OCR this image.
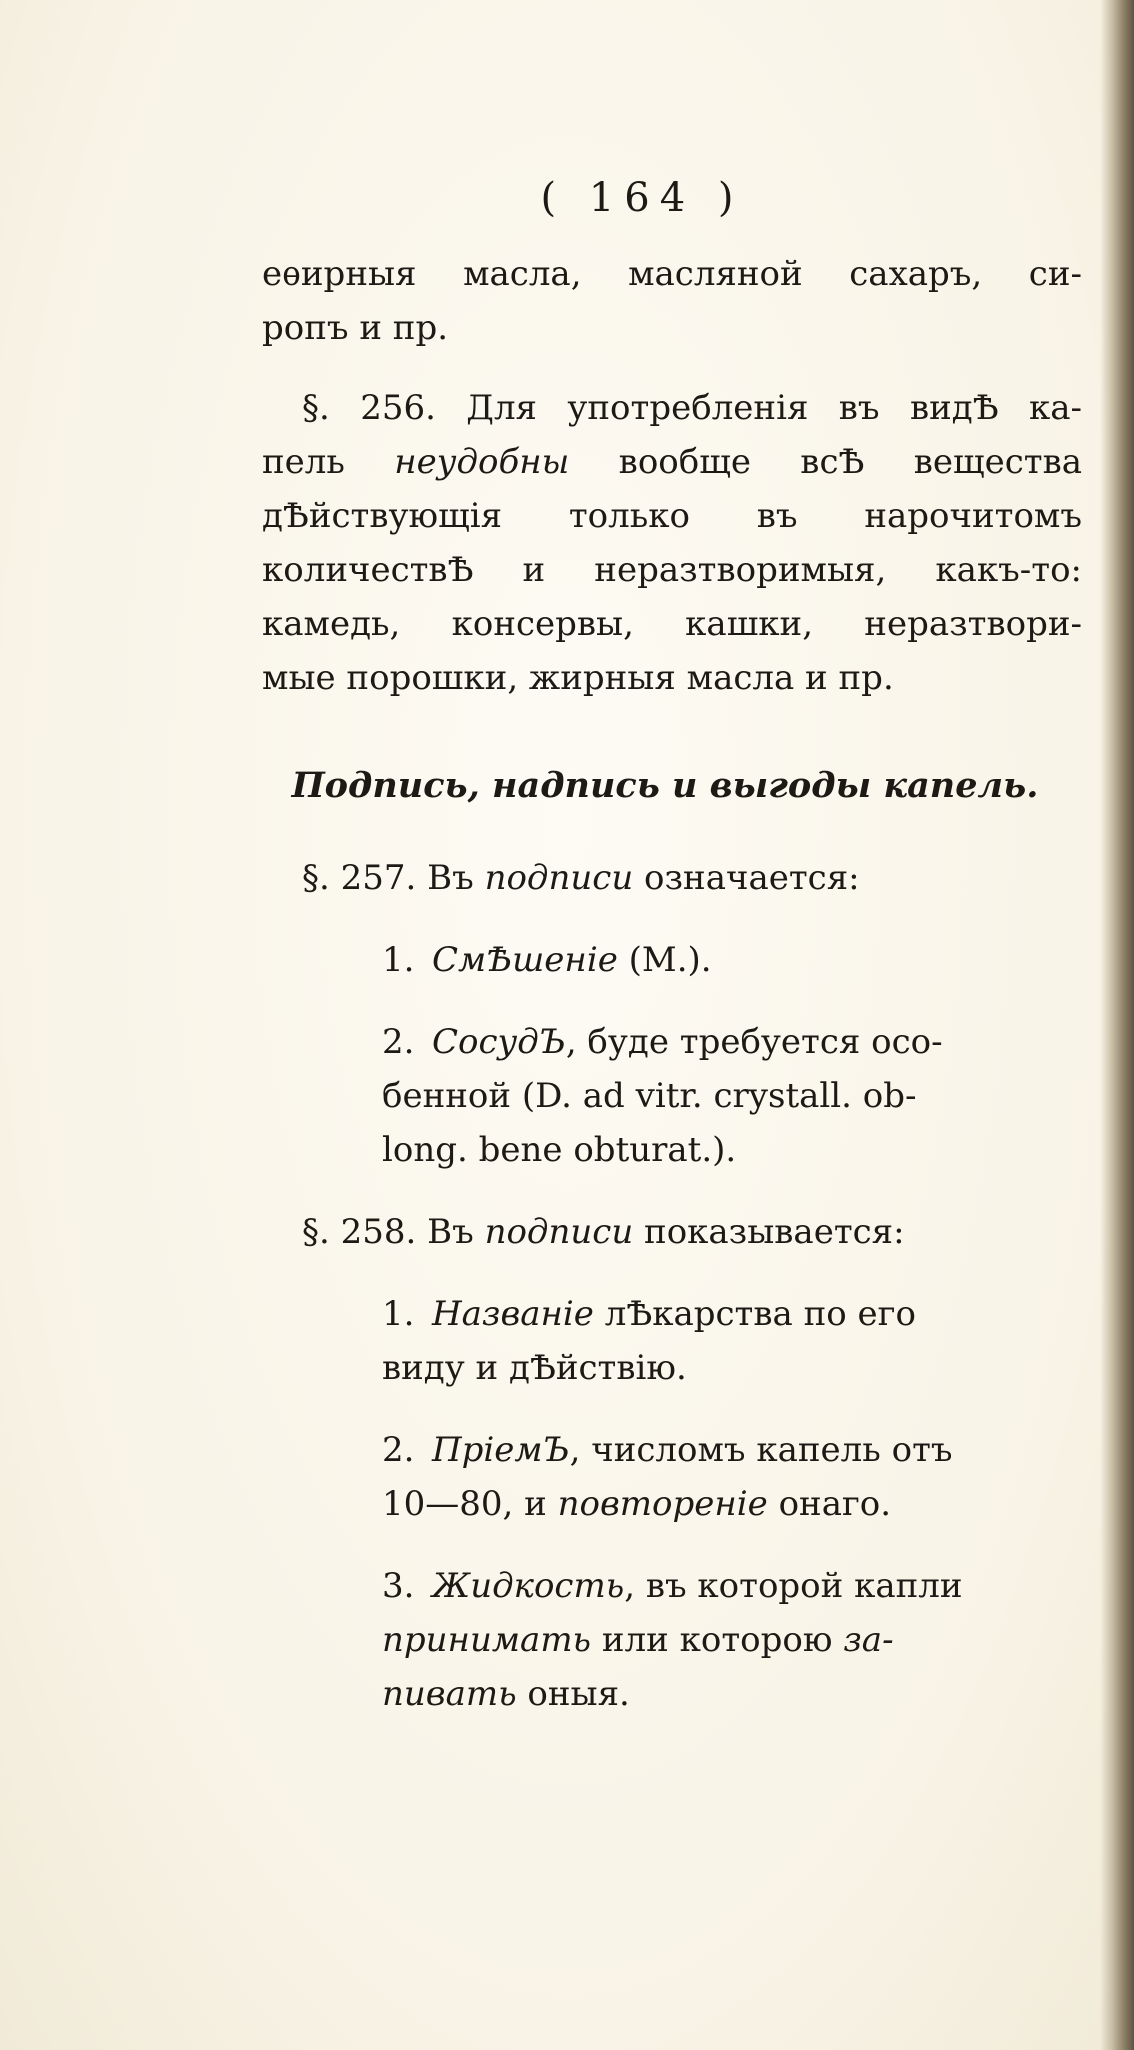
( 164 )
еѳирныя масла, масляной сахаръ, си-
ропъ и пр.
§. 256. Для употребленія въ видѢ ка-
пель неудобны вообще всѢ вещества
дѢйствующія только въ нарочитомъ
количествѢ и неразтворимыя, какъ-то:
камедь, консервы, кашки, неразтвори-
мые порошки, жирныя масла и пр.
Подпись, надпись и выгоды капель.
§. 257. Въ подписи означается:
1. СмѢшеніе (M.).
2. СосудЪ, буде требуется осо-
бенной (D. ad vitr. crystall. ob-
long. bene obturat.).
§. 258. Въ подписи показывается:
1. Названіе лѢкарства по его
виду и дѢйствію.
2. ПріемЪ, числомъ капель отъ
10—80, и повтореніе онаго.
3. Жидкость, въ которой капли
принимать или которою за-
пивать оныя.
